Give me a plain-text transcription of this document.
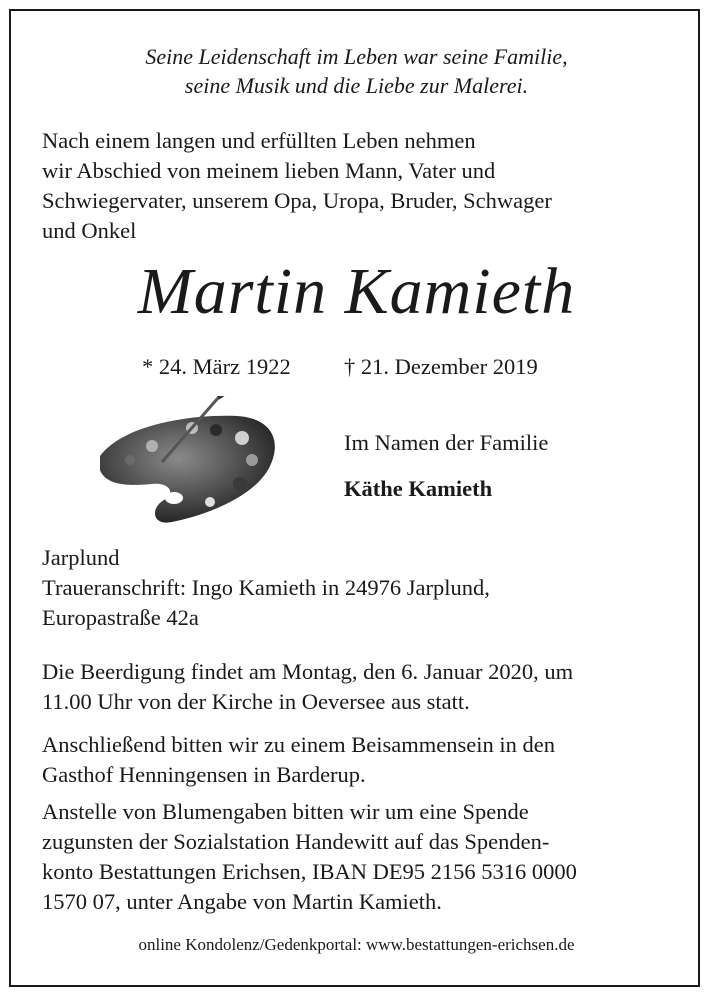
Seine Leidenschaft im Leben war seine Familie,
seine Musik und die Liebe zur Malerei.
Nach einem langen und erfüllten Leben nehmen
wir Abschied von meinem lieben Mann, Vater und
Schwiegervater, unserem Opa, Uropa, Bruder, Schwager
und Onkel
Martin Kamieth
* 24. März 1922 † 21. Dezember 2019
Im Namen der Familie
Käthe Kamieth
Jarplund
Traueranschrift: Ingo Kamieth in 24976 Jarplund,
Europastraße 42a
Die Beerdigung findet am Montag, den 6. Januar 2020, um
11.00 Uhr von der Kirche in Oeversee aus statt.
Anschließend bitten wir zu einem Beisammensein in den
Gasthof Henningensen in Barderup.
Anstelle von Blumengaben bitten wir um eine Spende
zugunsten der Sozialstation Handewitt auf das Spenden-
konto Bestattungen Erichsen, IBAN DE95 2156 5316 0000
1570 07, unter Angabe von Martin Kamieth.
online Kondolenz/Gedenkportal: www.bestattungen-erichsen.de
